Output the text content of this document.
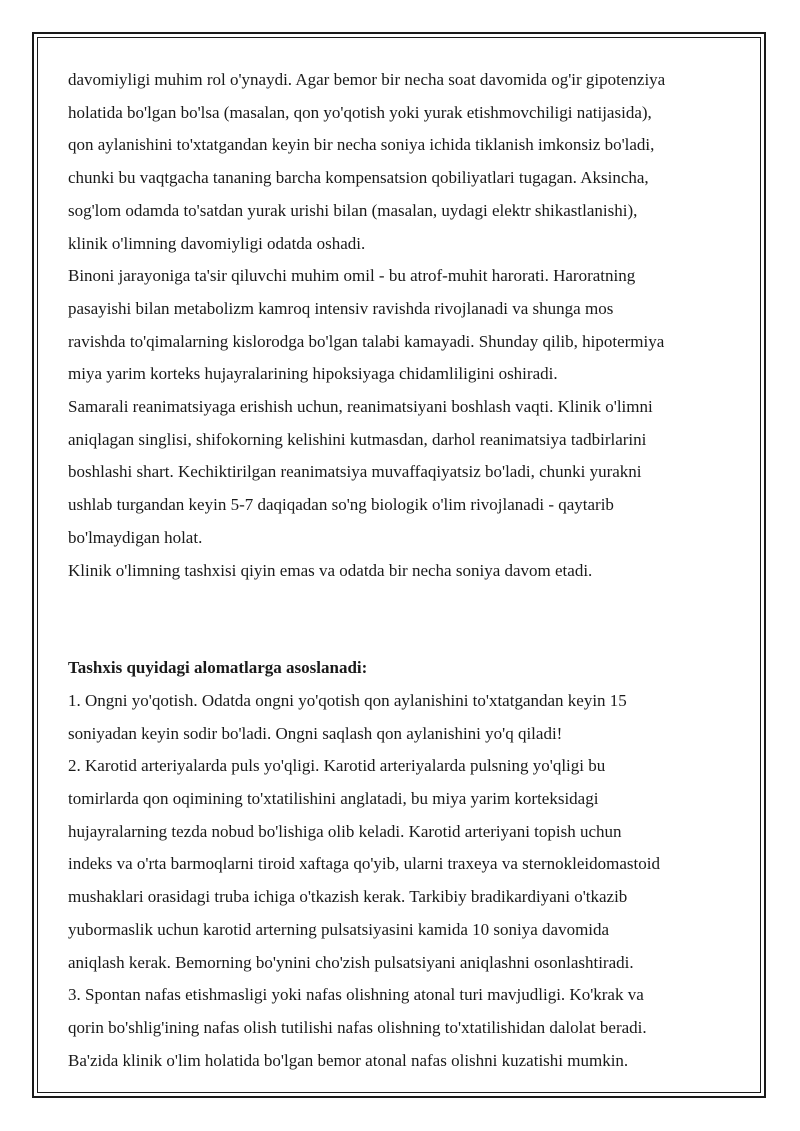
davomiyligi muhim rol o'ynaydi. Agar bemor bir necha soat davomida og'ir gipotenziya

holatida bo'lgan bo'lsa (masalan, qon yo'qotish yoki yurak etishmovchiligi natijasida),

qon aylanishini to'xtatgandan keyin bir necha soniya ichida tiklanish imkonsiz bo'ladi,

chunki bu vaqtgacha tananing barcha kompensatsion qobiliyatlari tugagan. Aksincha,

sog'lom odamda to'satdan yurak urishi bilan (masalan, uydagi elektr shikastlanishi),

klinik o'limning davomiyligi odatda oshadi.

Binoni jarayoniga ta'sir qiluvchi muhim omil - bu atrof-muhit harorati. Haroratning

pasayishi bilan metabolizm kamroq intensiv ravishda rivojlanadi va shunga mos

ravishda to'qimalarning kislorodga bo'lgan talabi kamayadi. Shunday qilib, hipotermiya

miya yarim korteks hujayralarining hipoksiyaga chidamliligini oshiradi.

Samarali reanimatsiyaga erishish uchun, reanimatsiyani boshlash vaqti. Klinik o'limni

aniqlagan singlisi, shifokorning kelishini kutmasdan, darhol reanimatsiya tadbirlarini

boshlashi shart. Kechiktirilgan reanimatsiya muvaffaqiyatsiz bo'ladi, chunki yurakni

ushlab turgandan keyin 5-7 daqiqadan so'ng biologik o'lim rivojlanadi - qaytarib

bo'lmaydigan holat.

Klinik o'limning tashxisi qiyin emas va odatda bir necha soniya davom etadi.

Tashxis quyidagi alomatlarga asoslanadi:

1. Ongni yo'qotish. Odatda ongni yo'qotish qon aylanishini to'xtatgandan keyin 15

soniyadan keyin sodir bo'ladi. Ongni saqlash qon aylanishini yo'q qiladi!

2. Karotid arteriyalarda puls yo'qligi. Karotid arteriyalarda pulsning yo'qligi bu

tomirlarda qon oqimining to'xtatilishini anglatadi, bu miya yarim korteksidagi

hujayralarning tezda nobud bo'lishiga olib keladi. Karotid arteriyani topish uchun

indeks va o'rta barmoqlarni tiroid xaftaga qo'yib, ularni traxeya va sternokleidomastoid

mushaklari orasidagi truba ichiga o'tkazish kerak. Tarkibiy bradikardiyani o'tkazib

yubormaslik uchun karotid arterning pulsatsiyasini kamida 10 soniya davomida

aniqlash kerak. Bemorning bo'ynini cho'zish pulsatsiyani aniqlashni osonlashtiradi.

3. Spontan nafas etishmasligi yoki nafas olishning atonal turi mavjudligi. Ko'krak va

qorin bo'shlig'ining nafas olish tutilishi nafas olishning to'xtatilishidan dalolat beradi.

Ba'zida klinik o'lim holatida bo'lgan bemor atonal nafas olishni kuzatishi mumkin.
